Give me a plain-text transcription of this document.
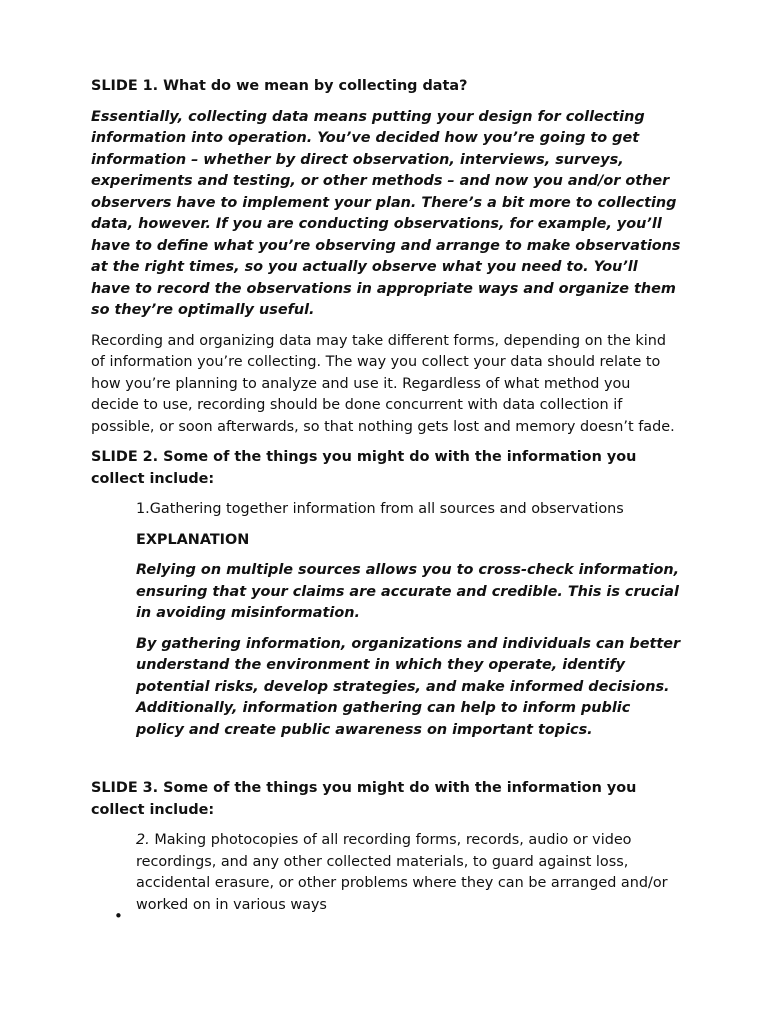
SLIDE 1. What do we mean by collecting data?

Essentially, collecting data means putting your design for collecting information into operation. You’ve decided how you’re going to get information – whether by direct observation, interviews, surveys, experiments and testing, or other methods – and now you and/or other observers have to implement your plan. There’s a bit more to collecting data, however. If you are conducting observations, for example, you’ll have to define what you’re observing and arrange to make observations at the right times, so you actually observe what you need to. You’ll have to record the observations in appropriate ways and organize them so they’re optimally useful.

Recording and organizing data may take different forms, depending on the kind of information you’re collecting. The way you collect your data should relate to how you’re planning to analyze and use it. Regardless of what method you decide to use, recording should be done concurrent with data collection if possible, or soon afterwards, so that nothing gets lost and memory doesn’t fade.

SLIDE 2. Some of the things you might do with the information you collect include:

1.Gathering together information from all sources and observations

EXPLANATION

Relying on multiple sources allows you to cross-check information, ensuring that your claims are accurate and credible. This is crucial in avoiding misinformation.

By gathering information, organizations and individuals can better understand the environment in which they operate, identify potential risks, develop strategies, and make informed decisions. Additionally, information gathering can help to inform public policy and create public awareness on important topics.

SLIDE 3. Some of the things you might do with the information you collect include:

2. Making photocopies of all recording forms, records, audio or video recordings, and any other collected materials, to guard against loss, accidental erasure, or other problems where they can be arranged and/or worked on in various ways

•
